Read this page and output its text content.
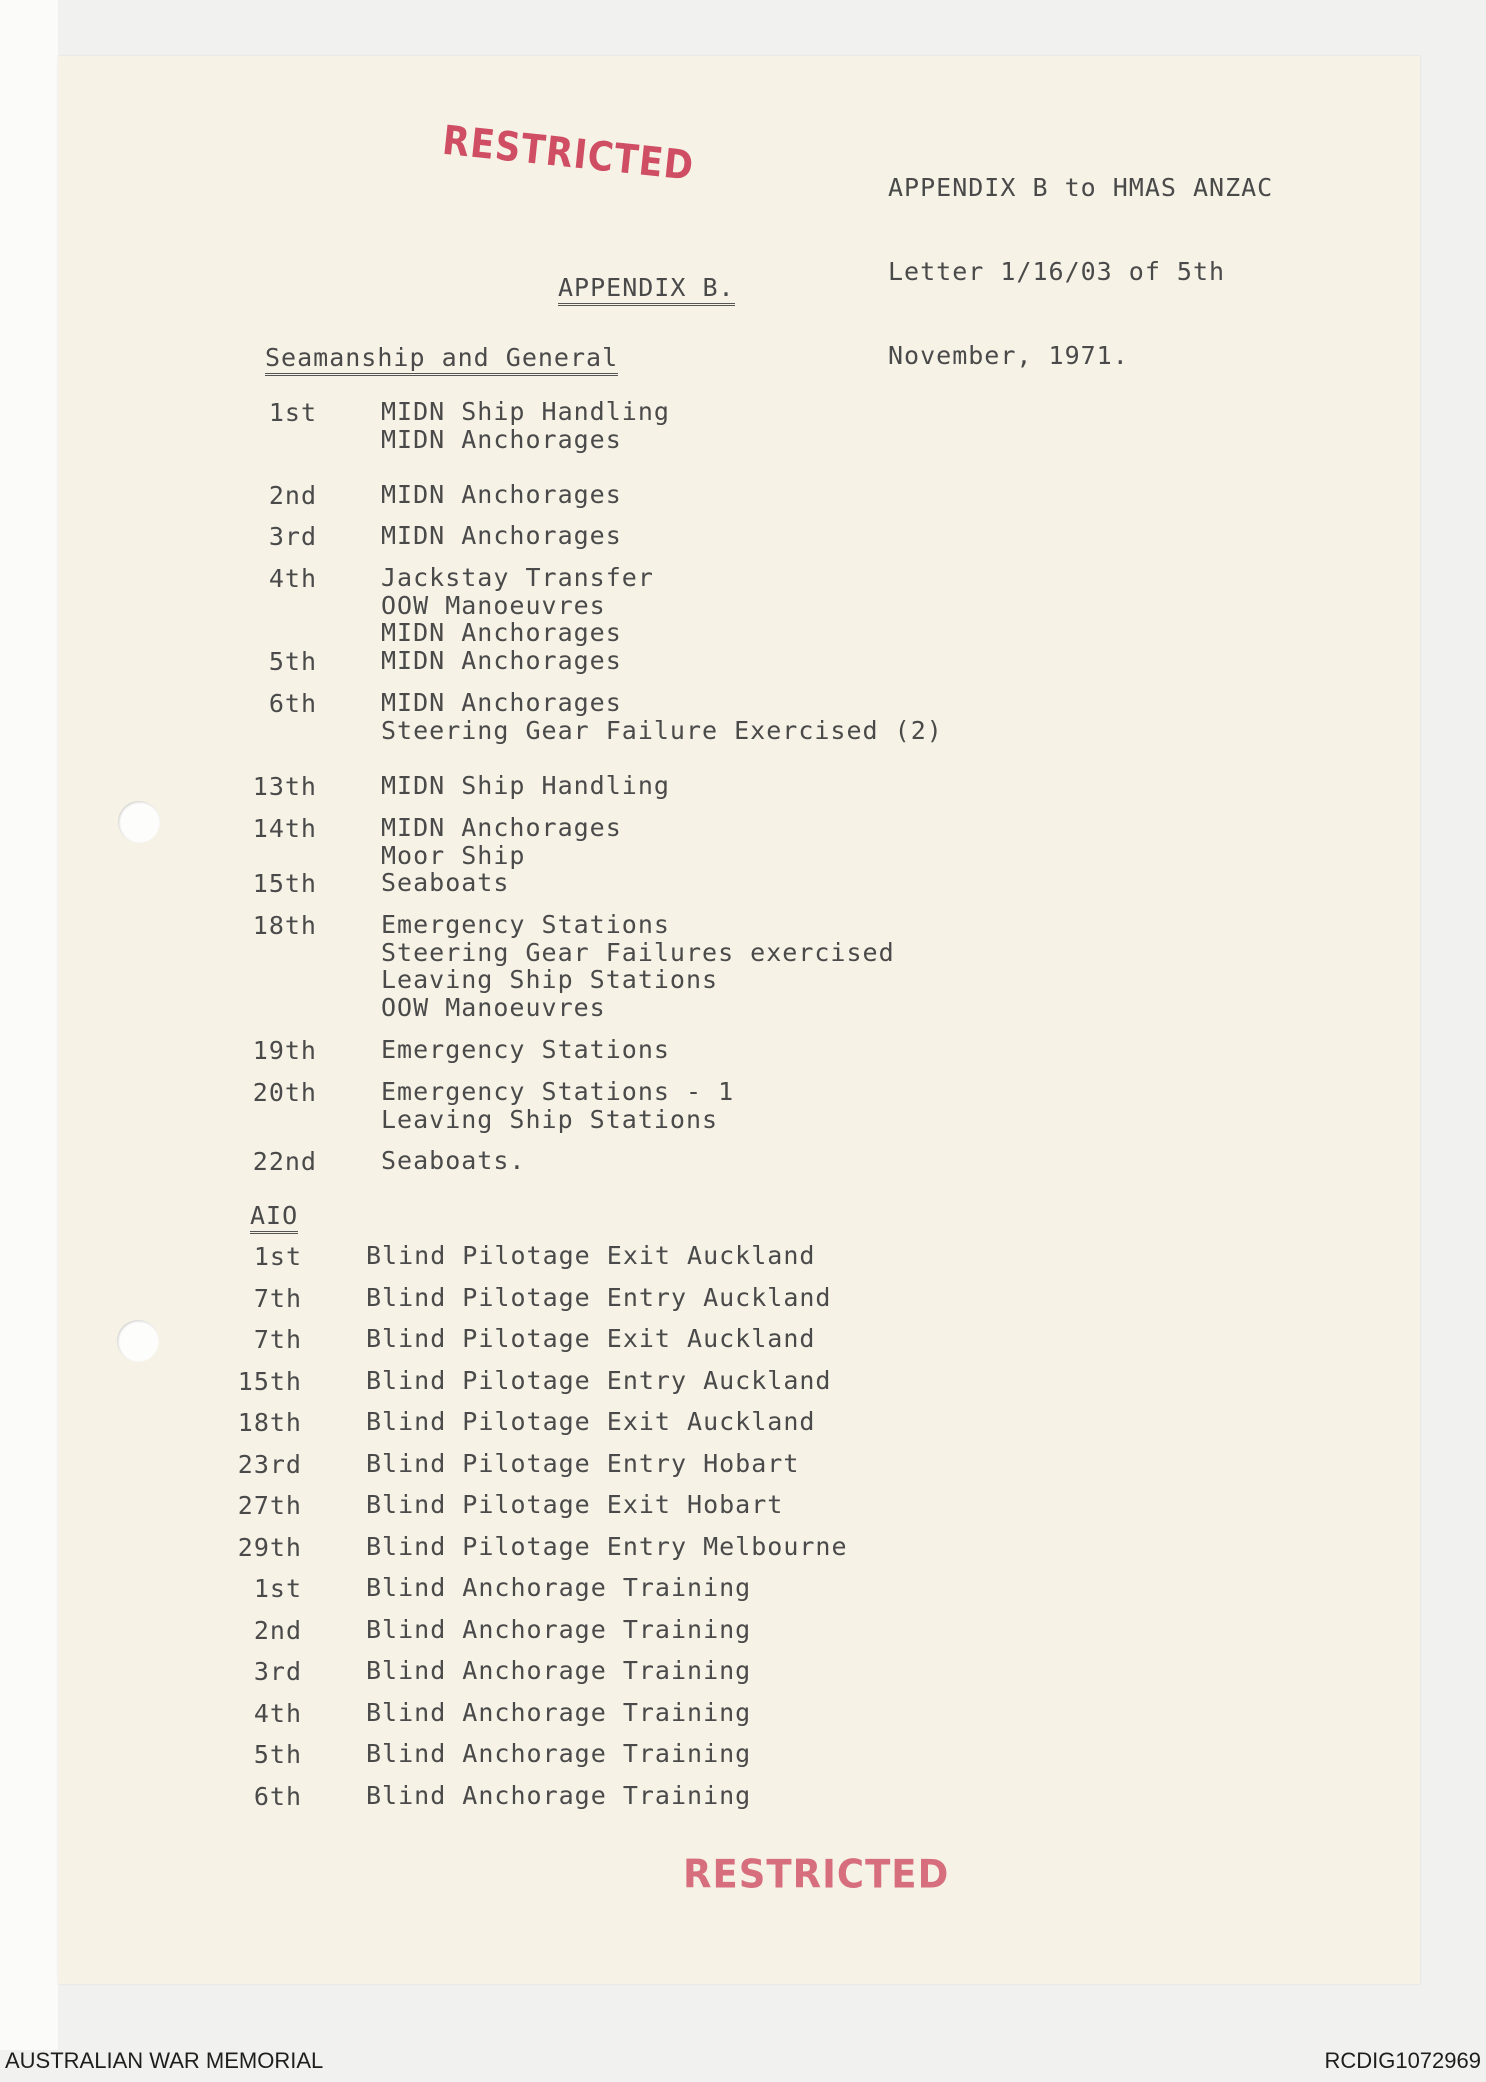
RESTRICTED

	APPENDIX B to HMAS ANZAC

Letter 1/16/03 of 5th

November, 1971.

APPENDIX B.
Seamanship and General
1st	MIDN Ship Handling
MIDN Anchorages
2nd	MIDN Anchorages
3rd	MIDN Anchorages
4th	Jackstay Transfer
OOW Manoeuvres
MIDN Anchorages
5th	MIDN Anchorages
6th	MIDN Anchorages
Steering Gear Failure Exercised (2)
13th	MIDN Ship Handling
14th	MIDN Anchorages
Moor Ship
15th	Seaboats
18th	Emergency Stations
Steering Gear Failures exercised
Leaving Ship Stations
OOW Manoeuvres
19th	Emergency Stations
20th	Emergency Stations - 1
Leaving Ship Stations
22nd	Seaboats.
AIO
1st	Blind Pilotage Exit Auckland
7th	Blind Pilotage Entry Auckland
7th	Blind Pilotage Exit Auckland
15th	Blind Pilotage Entry Auckland
18th	Blind Pilotage Exit Auckland
23rd	Blind Pilotage Entry Hobart
27th	Blind Pilotage Exit Hobart
29th	Blind Pilotage Entry Melbourne
1st	Blind Anchorage Training
2nd	Blind Anchorage Training
3rd	Blind Anchorage Training
4th	Blind Anchorage Training
5th	Blind Anchorage Training
6th	Blind Anchorage Training
RESTRICTED
AUSTRALIAN WAR MEMORIAL	RCDIG1072969
